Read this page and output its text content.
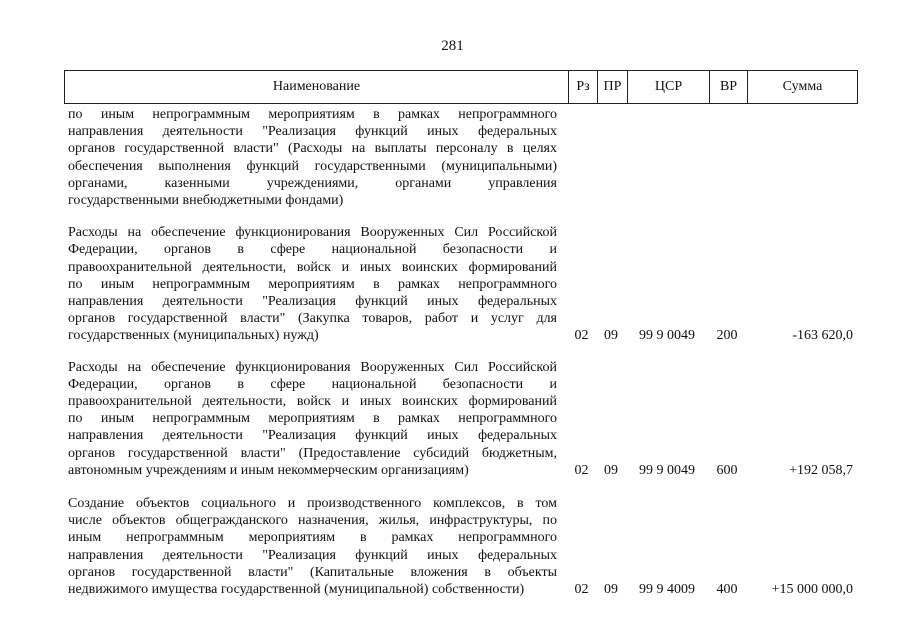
281
Наименование	Рз ПР	ЦСР	ВР	Сумма
по иным непрограммным мероприятиям в рамках непрограммного
направления деятельности "Реализация функций иных федеральных
органов государственной власти" (Расходы на выплаты персоналу в целях
обеспечения выполнения функций государственными (муниципальными)
органами, казенными учреждениями, органами управления
государственными внебюджетными фондами)
Расходы на обеспечение функционирования Вооруженных Сил Российской
Федерации, органов в сфере национальной безопасности и
правоохранительной деятельности, войск и иных воинских формирований
по иным непрограммным мероприятиям в рамках непрограммного
направления деятельности "Реализация функций иных федеральных
органов государственной власти" (Закупка товаров, работ и услуг для
государственных (муниципальных) нужд)	02	09	99 9 0049	200	-163 620,0
Расходы на обеспечение функционирования Вооруженных Сил Российской
Федерации, органов в сфере национальной безопасности и
правоохранительной деятельности, войск и иных воинских формирований
по иным непрограммным мероприятиям в рамках непрограммного
направления деятельности "Реализация функций иных федеральных
органов государственной власти" (Предоставление субсидий бюджетным,
автономным учреждениям и иным некоммерческим организациям)	02	09	99 9 0049	600	+192 058,7
Создание объектов социального и производственного комплексов, в том
числе объектов общегражданского назначения, жилья, инфраструктуры, по
иным непрограммным мероприятиям в рамках непрограммного
направления деятельности "Реализация функций иных федеральных
органов государственной власти" (Капитальные вложения в объекты
недвижимого имущества государственной (муниципальной) собственности)	02	09	99 9 4009	400	+15 000 000,0
